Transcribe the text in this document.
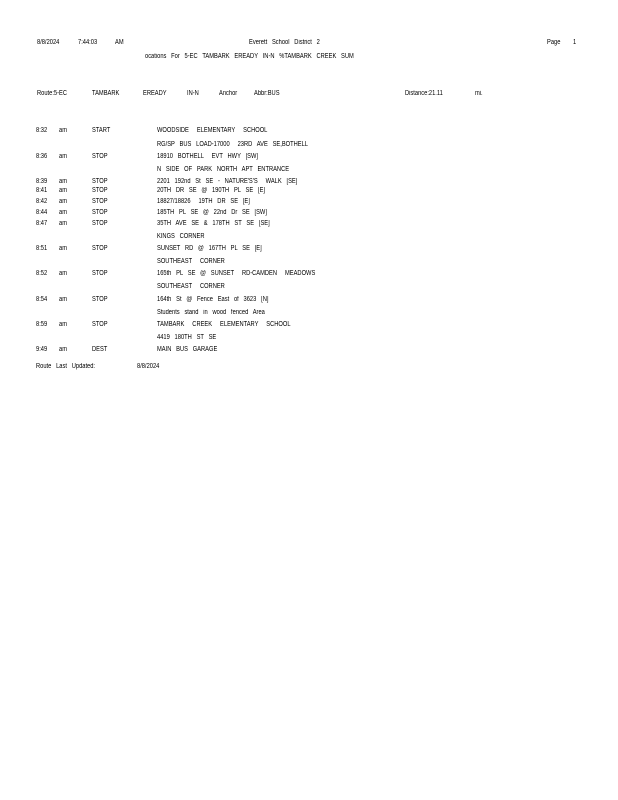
8/8/2024	7:44:03	AM	Everett   School   District   2	Page 1
ocations   For   5-EC   TAMBARK   EREADY   IN-N   %TAMBARK   CREEK   SUM
Route:5-EC	TAMBARK	EREADY	IN-N	Anchor Abbr:BUS	Distance:21.11	mi.
8:32 am	START	WOODSIDE     ELEMENTARY     SCHOOL
RG/SP   BUS   LOAD-17000     23RD   AVE   SE,BOTHELL
8:36 am	STOP	18910   BOTHELL     EVT   HWY   [SW]
N   SIDE   OF   PARK   NORTH   APT   ENTRANCE
8:39 am	STOP	2201   192nd   St   SE   -   NATURE'S'S     WALK   [SE]
8:41 am	STOP	20TH   DR   SE   @   190TH   PL   SE   [E]
8:42 am	STOP	18827/18826     19TH   DR   SE   [E]
8:44 am	STOP	185TH   PL   SE   @   22nd   Dr   SE   [SW]
8:47 am	STOP	35TH   AVE   SE   &   178TH   ST   SE   [SE]
KINGS   CORNER
8:51 am	STOP	SUNSET   RD   @   167TH   PL   SE   [E]
SOUTHEAST     CORNER
8:52 am	STOP	165th   PL   SE   @   SUNSET     RD-CAMDEN     MEADOWS
SOUTHEAST     CORNER
8:54 am	STOP	164th   St   @   Fence   East   of   3623   [N]
Students   stand   in   wood   fenced   Area
8:59 am	STOP	TAMBARK     CREEK     ELEMENTARY     SCHOOL
4419   180TH   ST   SE
9:49 am	DEST	MAIN   BUS   GARAGE
Route   Last   Updated:	8/8/2024
